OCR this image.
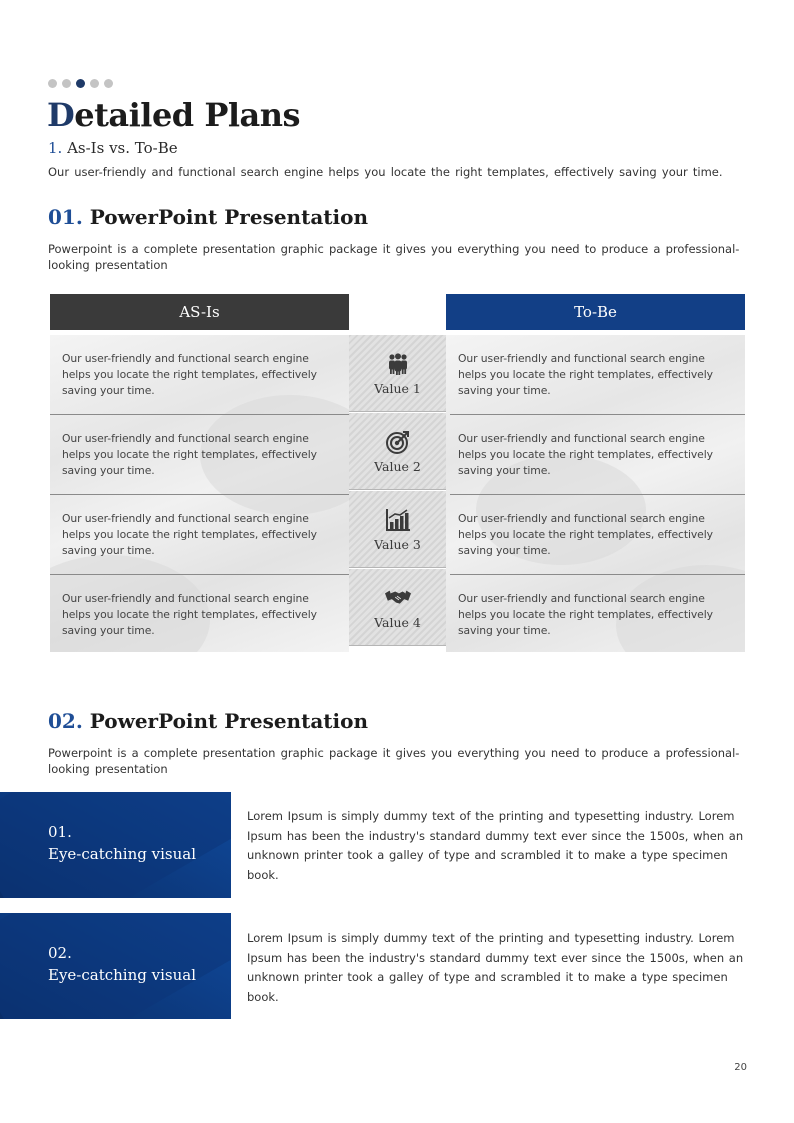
Detailed Plans
1. As-Is vs. To-Be

Our user-friendly and functional search engine helps you locate the right templates, effectively saving your time.

01. PowerPoint Presentation

Powerpoint is a complete presentation graphic package it gives you everything you need to produce a professional-looking presentation

AS-Is	To-Be
Our user-friendly and functional search engine helps you locate the right templates, effectively saving your time.
Our user-friendly and functional search engine helps you locate the right templates, effectively saving your time.
Our user-friendly and functional search engine helps you locate the right templates, effectively saving your time.
Our user-friendly and functional search engine helps you locate the right templates, effectively saving your time.
Value 1
Value 2
Value 3
Value 4
Our user-friendly and functional search engine helps you locate the right templates, effectively saving your time.
Our user-friendly and functional search engine helps you locate the right templates, effectively saving your time.
Our user-friendly and functional search engine helps you locate the right templates, effectively saving your time.
Our user-friendly and functional search engine helps you locate the right templates, effectively saving your time.
02. PowerPoint Presentation

Powerpoint is a complete presentation graphic package it gives you everything you need to produce a professional-looking presentation

01.
Eye-catching visual

Lorem Ipsum is simply dummy text of the printing and typesetting industry. Lorem Ipsum has been the industry's standard dummy text ever since the 1500s, when an unknown printer took a galley of type and scrambled it to make a type specimen book.

02.
Eye-catching visual

Lorem Ipsum is simply dummy text of the printing and typesetting industry. Lorem Ipsum has been the industry's standard dummy text ever since the 1500s, when an unknown printer took a galley of type and scrambled it to make a type specimen book.

20
